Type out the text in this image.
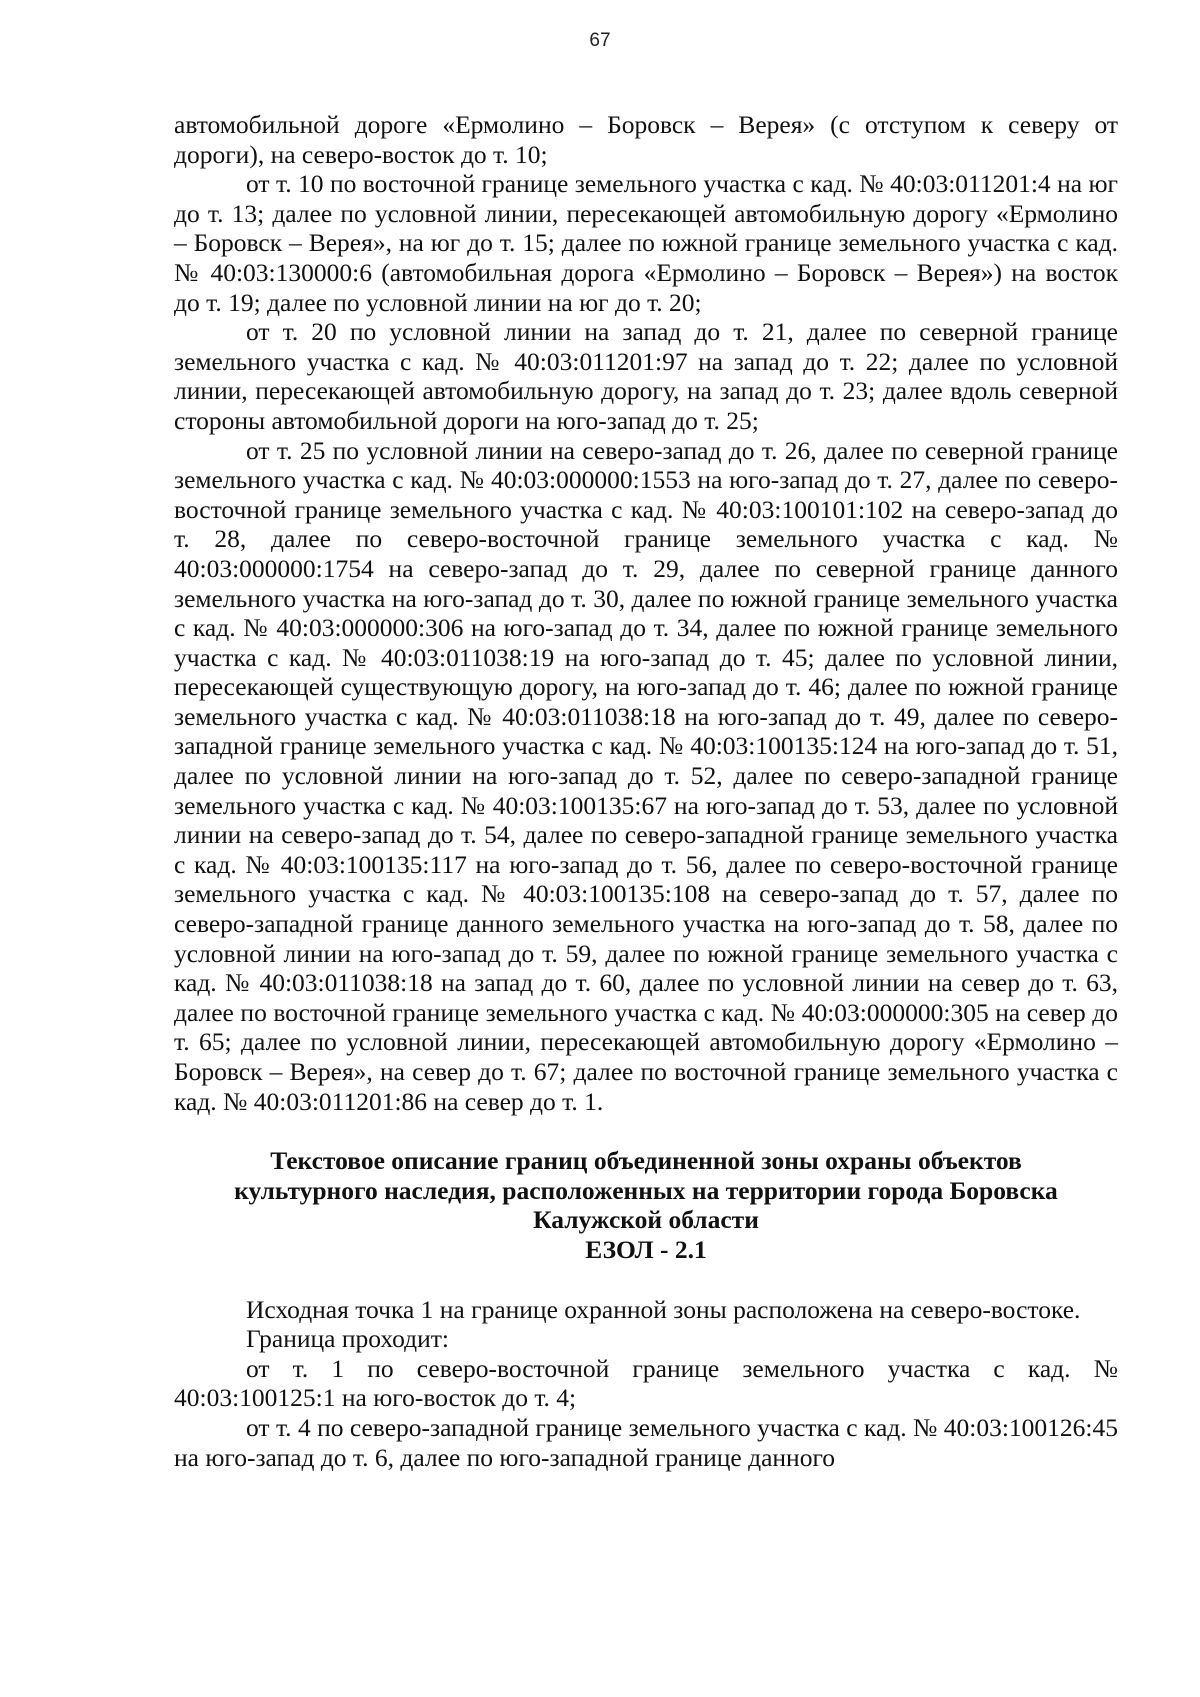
67

автомобильной дороге «Ермолино – Боровск – Верея» (с отступом к северу от дороги), на северо-восток до т. 10;

от т. 10 по восточной границе земельного участка с кад. № 40:03:011201:4 на юг до т. 13; далее по условной линии, пересекающей автомобильную дорогу «Ермолино – Боровск – Верея», на юг до т. 15; далее по южной границе земельного участка с кад. № 40:03:130000:6 (автомобильная дорога «Ермолино – Боровск – Верея») на восток до т. 19; далее по условной линии на юг до т. 20;

от т. 20 по условной линии на запад до т. 21, далее по северной границе земельного участка с кад. № 40:03:011201:97 на запад до т. 22; далее по условной линии, пересекающей автомобильную дорогу, на запад до т. 23; далее вдоль северной стороны автомобильной дороги на юго-запад до т. 25;

от т. 25 по условной линии на северо-запад до т. 26, далее по северной границе земельного участка с кад. № 40:03:000000:1553 на юго-запад до т. 27, далее по северо-восточной границе земельного участка с кад. № 40:03:100101:102 на северо-запад до т. 28, далее по северо-восточной границе земельного участка с кад. № 40:03:000000:1754 на северо-запад до т. 29, далее по северной границе данного земельного участка на юго-запад до т. 30, далее по южной границе земельного участка с кад. № 40:03:000000:306 на юго-запад до т. 34, далее по южной границе земельного участка с кад. № 40:03:011038:19 на юго-запад до т. 45; далее по условной линии, пересекающей существующую дорогу, на юго-запад до т. 46; далее по южной границе земельного участка с кад. № 40:03:011038:18 на юго-запад до т. 49, далее по северо-западной границе земельного участка с кад. № 40:03:100135:124 на юго-запад до т. 51, далее по условной линии на юго-запад до т. 52, далее по северо-западной границе земельного участка с кад. № 40:03:100135:67 на юго-запад до т. 53, далее по условной линии на северо-запад до т. 54, далее по северо-западной границе земельного участка с кад. № 40:03:100135:117 на юго-запад до т. 56, далее по северо-восточной границе земельного участка с кад. № 40:03:100135:108 на северо-запад до т. 57, далее по северо-западной границе данного земельного участка на юго-запад до т. 58, далее по условной линии на юго-запад до т. 59, далее по южной границе земельного участка с кад. № 40:03:011038:18 на запад до т. 60, далее по условной линии на север до т. 63, далее по восточной границе земельного участка с кад. № 40:03:000000:305 на север до т. 65; далее по условной линии, пересекающей автомобильную дорогу «Ермолино – Боровск – Верея», на север до т. 67; далее по восточной границе земельного участка с кад. № 40:03:011201:86 на север до т. 1.

Текстовое описание границ объединенной зоны охраны объектов
культурного наследия, расположенных на территории города Боровска
Калужской области
ЕЗОЛ - 2.1

Исходная точка 1 на границе охранной зоны расположена на северо-востоке.

Граница проходит:

от т. 1 по северо-восточной границе земельного участка с кад. № 40:03:100125:1 на юго-восток до т. 4;

от т. 4 по северо-западной границе земельного участка с кад. № 40:03:100126:45 на юго-запад до т. 6, далее по юго-западной границе данного
